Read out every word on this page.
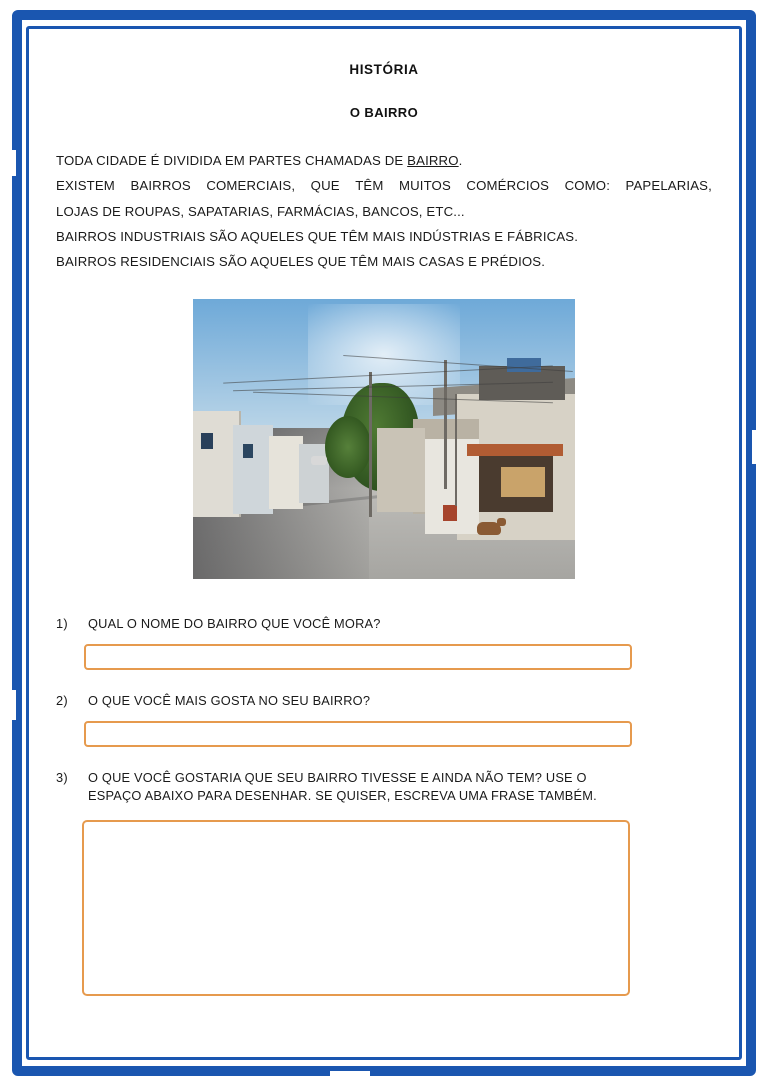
HISTÓRIA
O BAIRRO
TODA CIDADE É DIVIDIDA EM PARTES CHAMADAS DE BAIRRO.
EXISTEM BAIRROS COMERCIAIS, QUE TÊM MUITOS COMÉRCIOS COMO: PAPELARIAS,
LOJAS DE ROUPAS, SAPATARIAS, FARMÁCIAS, BANCOS, ETC...
BAIRROS INDUSTRIAIS SÃO AQUELES QUE TÊM MAIS INDÚSTRIAS E FÁBRICAS.
BAIRROS RESIDENCIAIS SÃO AQUELES QUE TÊM MAIS CASAS E PRÉDIOS.
1)	QUAL O NOME DO BAIRRO QUE VOCÊ MORA?
2)	O QUE VOCÊ MAIS GOSTA NO SEU BAIRRO?
3)	O QUE VOCÊ GOSTARIA QUE SEU BAIRRO TIVESSE E AINDA NÃO TEM? USE O
ESPAÇO ABAIXO PARA DESENHAR. SE QUISER, ESCREVA UMA FRASE TAMBÉM.
